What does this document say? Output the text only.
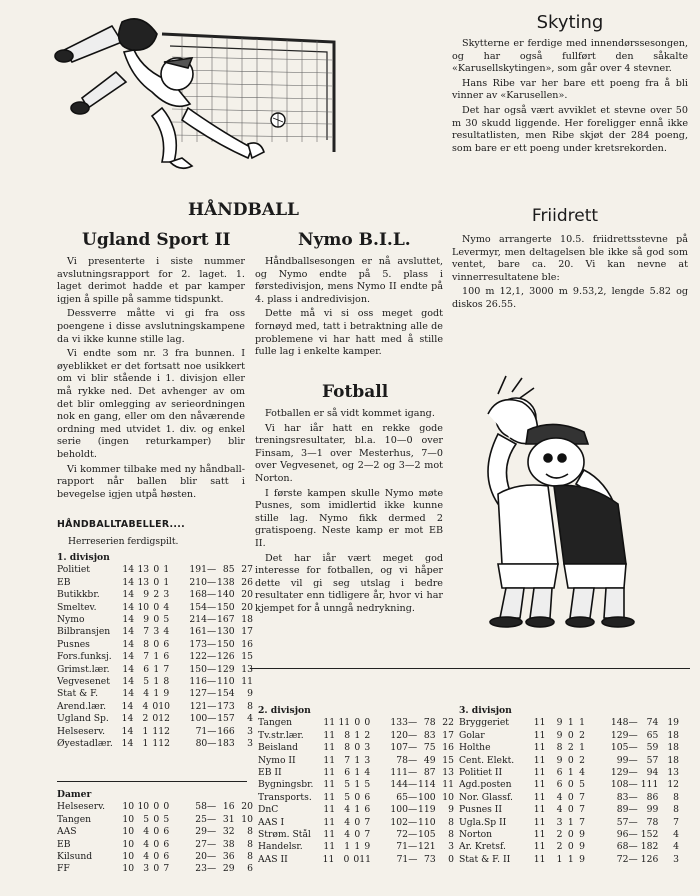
Skyting

Skytterne er ferdige med innendørssesongen, og har også fullført den såkalte «Karusellskytingen», som går over 4 stevner.

Hans Ribe var her bare ett poeng fra å bli vinner av «Karusellen».

Det har også vært avviklet et stevne over 50 m 30 skudd liggende. Her foreligger ennå ikke resultatlisten, men Ribe skjøt der 284 poeng, som bare er ett poeng under kretsrekorden.

Friidrett

Nymo arrangerte 10.5. friidrettsstevne på Levermyr, men deltagelsen ble ikke så god som ventet, bare ca. 20. Vi kan nevne at vinnerresultatene ble:

100 m 12,1, 3000 m 9.53,2, lengde 5.82 og diskos 26.55.

HÅNDBALL
Ugland Sport II

Vi presenterte i siste nummer avslutningsrapport for 2. laget. 1. laget derimot hadde et par kamper igjen å spille på samme tidspunkt.

Dessverre måtte vi gi fra oss poengene i disse avslutningskampene da vi ikke kunne stille lag.

Vi endte som nr. 3 fra bunnen. I øyeblikket er det fortsatt noe usikkert om vi blir stående i 1. divisjon eller må rykke ned. Det avhenger av om det blir omlegging av serieordningen nok en gang, eller om den nåværende ordning med utvidet 1. div. og enkel serie (ingen returkamper) blir beholdt.

Vi kommer tilbake med ny håndball-rapport når ballen blir satt i bevegelse igjen utpå høsten.

Nymo B.I.L.

Håndballsesongen er nå avsluttet, og Nymo endte på 5. plass i førstedivisjon, mens Nymo II endte på 4. plass i andredivisjon.

Dette må vi si oss meget godt fornøyd med, tatt i betraktning alle de problemene vi har hatt med å stille fulle lag i enkelte kamper.

Fotball

Fotballen er så vidt kommet igang.

Vi har iår hatt en rekke gode treningsresultater, bl.a. 10—0 over Finsam, 3—1 over Mesterhus, 7—0 over Vegvesenet, og 2—2 og 3—2 mot Norton.

I første kampen skulle Nymo møte Pusnes, som imidlertid ikke kunne stille lag. Nymo fikk dermed 2 gratispoeng. Neste kamp er mot EB II.

Det har iår vært meget god interesse for fotballen, og vi håper dette vil gi seg utslag i bedre resultater enn tidligere år, hvor vi har kjempet for å unngå nedrykning.

HÅNDBALLTABELLER....
Herreserien ferdigspilt.
1. divisjon
Politiet	14 13 0 1	191— 85 27
EB	14 13 0 1	210— 138 26
Butikkbr.	14	9 2 3	168— 140 20
Smeltev.	14 10 0 4	154— 150 20
Nymo	14	9 0 5	214— 167 18
Bilbransjen	14	7 3 4	161— 130 17
Pusnes	14	8 0 6	173— 150 16
Fors.funksj.	14	7 1 6	122— 126 15
Grimst.lær.	14	6 1 7	150— 129 13
Vegvesenet	14	5 1 8	116— 110 11
Stat & F.	14	4 1 9	127— 154	9
Arend.lær.	14 4 0 10	121— 173	8
Ugland Sp.	14 2 0 12	100— 157	4
Helseserv.	14 1 1 12	71— 166	3
Øyestadlær. 14 1 1 12	80— 183	3
Damer
Helseserv.	10 10 0 0	58— 16 20
Tangen	10	5 0 5	25— 31 10
AAS	10	4 0 6	29— 32	8
EB	10	4 0 6	27— 38	8
Kilsund	10	4 0 6	20— 36	8
FF	10	3 0 7	23— 29	6
2. divisjon
Tangen	11 11 0 0	133— 78 22
Tv.str.lær.	11	8 1 2	120— 83 17
Beisland	11	8 0 3	107— 75 16
Nymo II	11	7 1 3	78— 49 15
EB II	11	6 1 4	111— 87 13
Bygningsbr.	11	5 1 5	144— 114 11
Transports.	11	5 0 6	65— 100 10
DnC	11	4 1 6	100— 119	9
AAS I	11	4 0 7	102— 110	8
Strøm. Stål	11	4 0 7	72— 105	8
Handelsr.	11	1 1 9	71— 121	3
AAS II	11 0 0 11	71— 73	0
3. divisjon
Bryggeriet	11	9 1 1	148— 74 19
Golar	11	9 0 2	129— 65 18
Holthe	11	8 2 1	105— 59 18
Cent. Elekt.	11	9 0 2	99— 57 18
Politiet II	11	6 1 4	129— 94 13
Agd.posten	11	6 0 5	108— 111 12
Nor. Glassf.	11	4 0 7	83— 86	8
Pusnes II	11	4 0 7	89— 99	8
Ugla.Sp II	11	3 1 7	57— 78	7
Norton	11	2 0 9	96— 152	4
Ar. Kretsf.	11	2 0 9	68— 182	4
Stat & F. II	11	1 1 9	72— 126	3
